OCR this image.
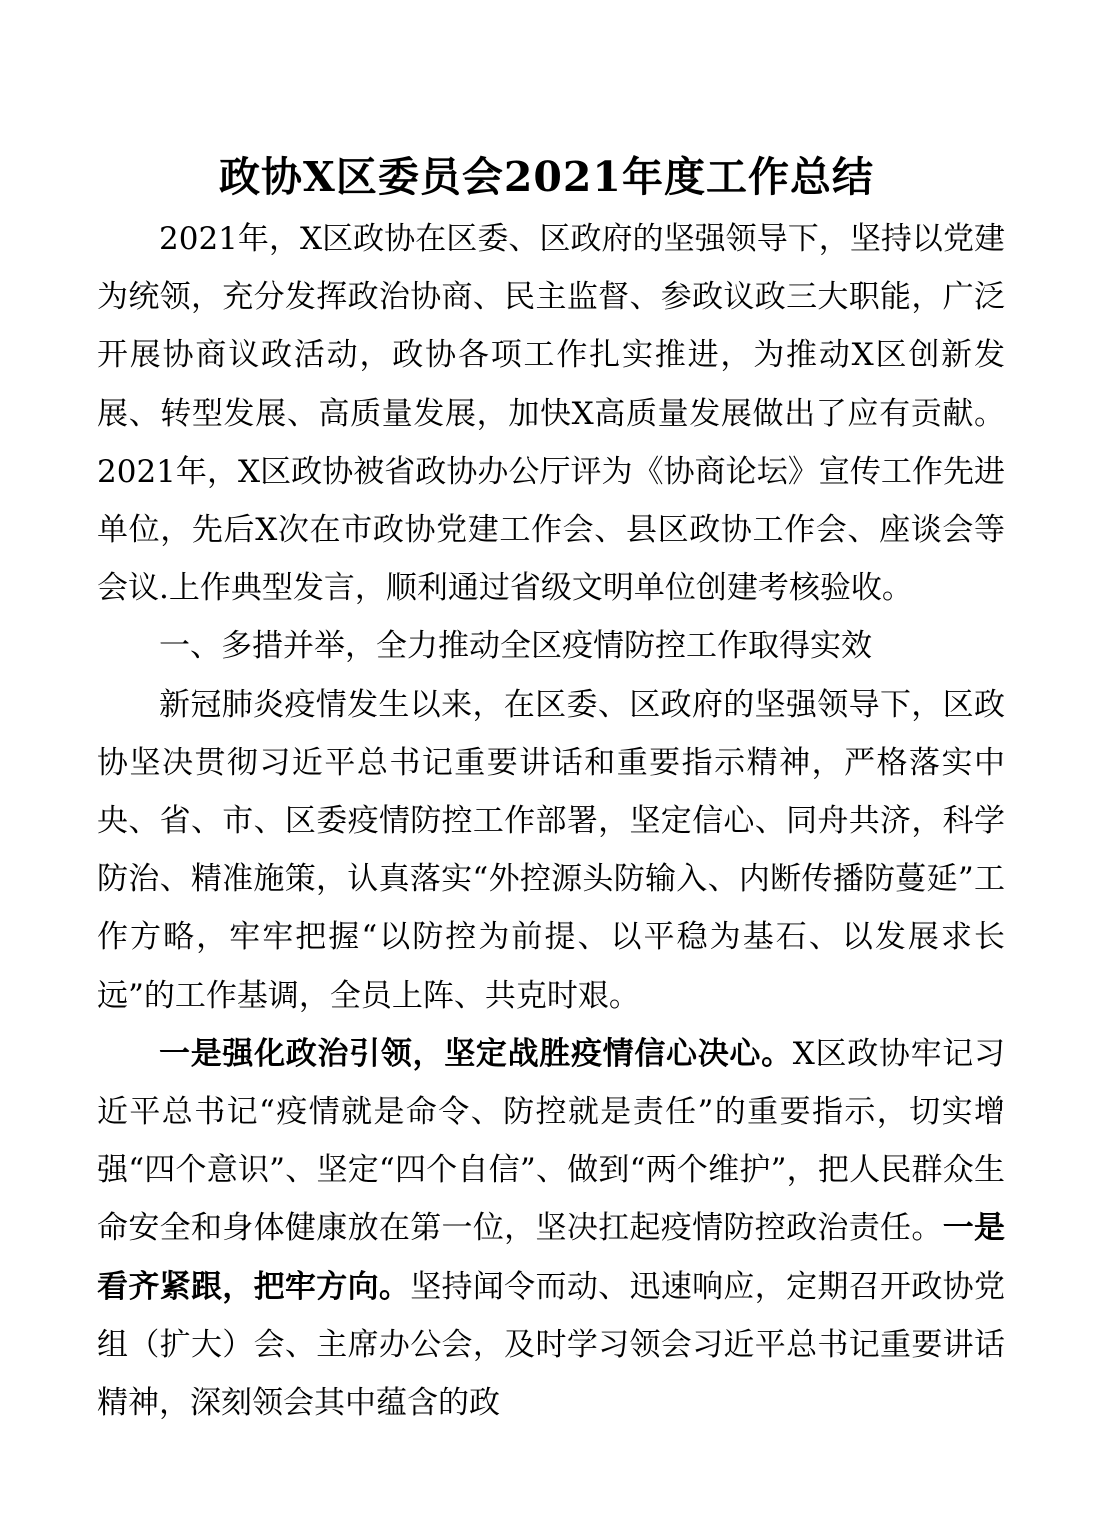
政协X区委员会2021年度工作总结

2021年，X区政协在区委、区政府的坚强领导下，坚持以党建为统领，充分发挥政治协商、民主监督、参政议政三大职能，广泛开展协商议政活动，政协各项工作扎实推进，为推动X区创新发展、转型发展、高质量发展，加快X高质量发展做出了应有贡献。2021年，X区政协被省政协办公厅评为《协商论坛》宣传工作先进单位，先后X次在市政协党建工作会、县区政协工作会、座谈会等会议.上作典型发言，顺利通过省级文明单位创建考核验收。

一、多措并举，全力推动全区疫情防控工作取得实效

新冠肺炎疫情发生以来，在区委、区政府的坚强领导下，区政协坚决贯彻习近平总书记重要讲话和重要指示精神，严格落实中央、省、市、区委疫情防控工作部署，坚定信心、同舟共济，科学防治、精准施策，认真落实“外控源头防输入、内断传播防蔓延”工作方略，牢牢把握“以防控为前提、以平稳为基石、以发展求长远”的工作基调，全员上阵、共克时艰。

一是强化政治引领，坚定战胜疫情信心决心。X区政协牢记习近平总书记“疫情就是命令、防控就是责任”的重要指示，切实增强“四个意识”、坚定“四个自信”、做到“两个维护”，把人民群众生命安全和身体健康放在第一位，坚决扛起疫情防控政治责任。一是看齐紧跟，把牢方向。坚持闻令而动、迅速响应，定期召开政协党组（扩大）会、主席办公会，及时学习领会习近平总书记重要讲话精神，深刻领会其中蕴含的政
